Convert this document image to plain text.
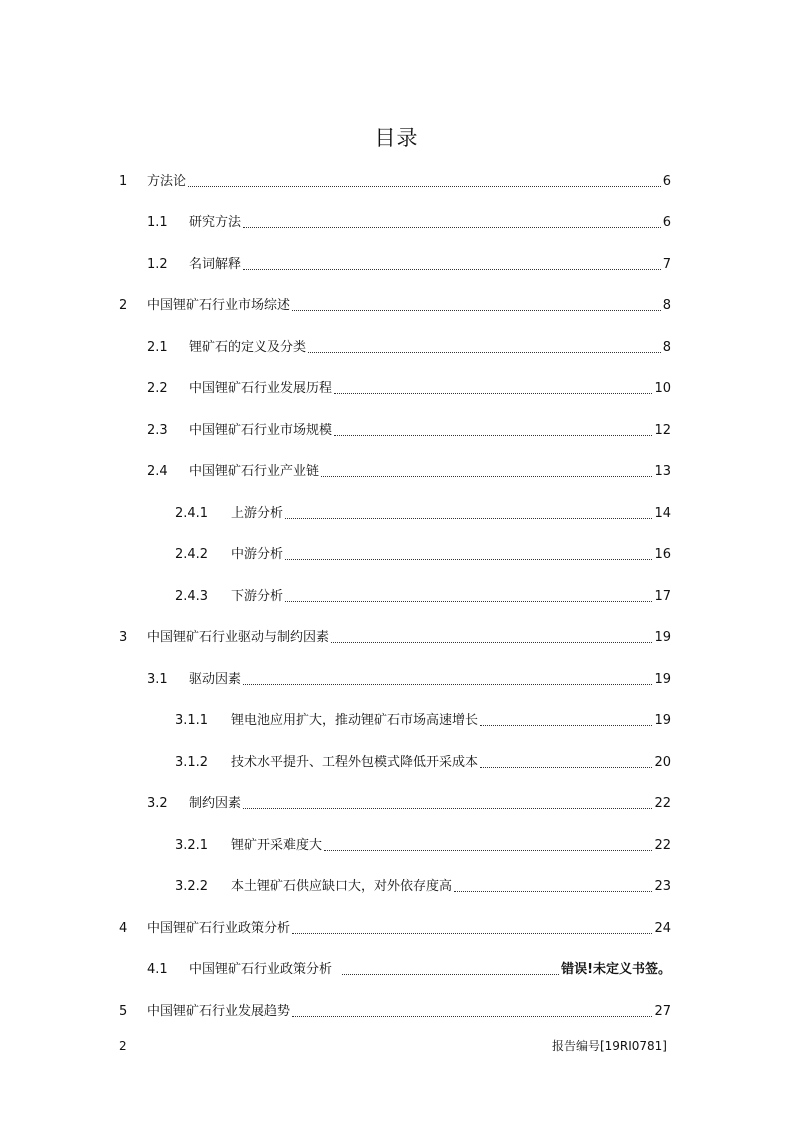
目录
1	方法论	6
1.1	研究方法	6
1.2	名词解释	7
2	中国锂矿石行业市场综述	8
2.1	锂矿石的定义及分类	8
2.2	中国锂矿石行业发展历程	10
2.3	中国锂矿石行业市场规模	12
2.4	中国锂矿石行业产业链	13
2.4.1	上游分析	14
2.4.2	中游分析	16
2.4.3	下游分析	17
3	中国锂矿石行业驱动与制约因素	19
3.1	驱动因素	19
3.1.1	锂电池应用扩大，推动锂矿石市场高速增长	19
3.1.2	技术水平提升、工程外包模式降低开采成本	20
3.2	制约因素	22
3.2.1	锂矿开采难度大	22
3.2.2	本土锂矿石供应缺口大，对外依存度高	23
4	中国锂矿石行业政策分析	24
4.1	中国锂矿石行业政策分析	错误!未定义书签。
5	中国锂矿石行业发展趋势	27
2	报告编号[19RI0781]
